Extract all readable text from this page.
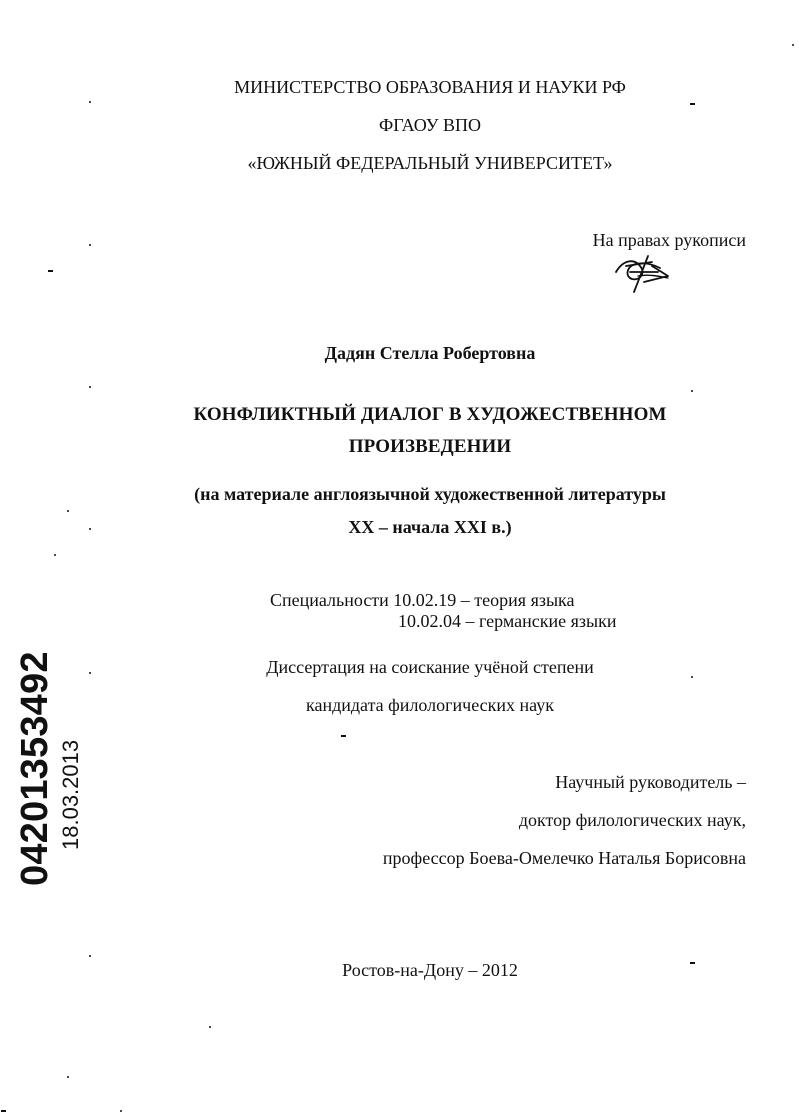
МИНИСТЕРСТВО ОБРАЗОВАНИЯ И НАУКИ РФ
ФГАОУ ВПО
«ЮЖНЫЙ ФЕДЕРАЛЬНЫЙ УНИВЕРСИТЕТ»
На правах рукописи
Дадян Стелла Робертовна
КОНФЛИКТНЫЙ ДИАЛОГ В ХУДОЖЕСТВЕННОМ
ПРОИЗВЕДЕНИИ
(на материале англоязычной художественной литературы
XX – начала XXI в.)
Специальности 10.02.19 – теория языка
10.02.04 – германские языки
Диссертация на соискание учёной степени
кандидата филологических наук
Научный руководитель –
доктор филологических наук,
профессор Боева-Омелечко Наталья Борисовна
Ростов-на-Дону – 2012
04201353492 18.03.2013
